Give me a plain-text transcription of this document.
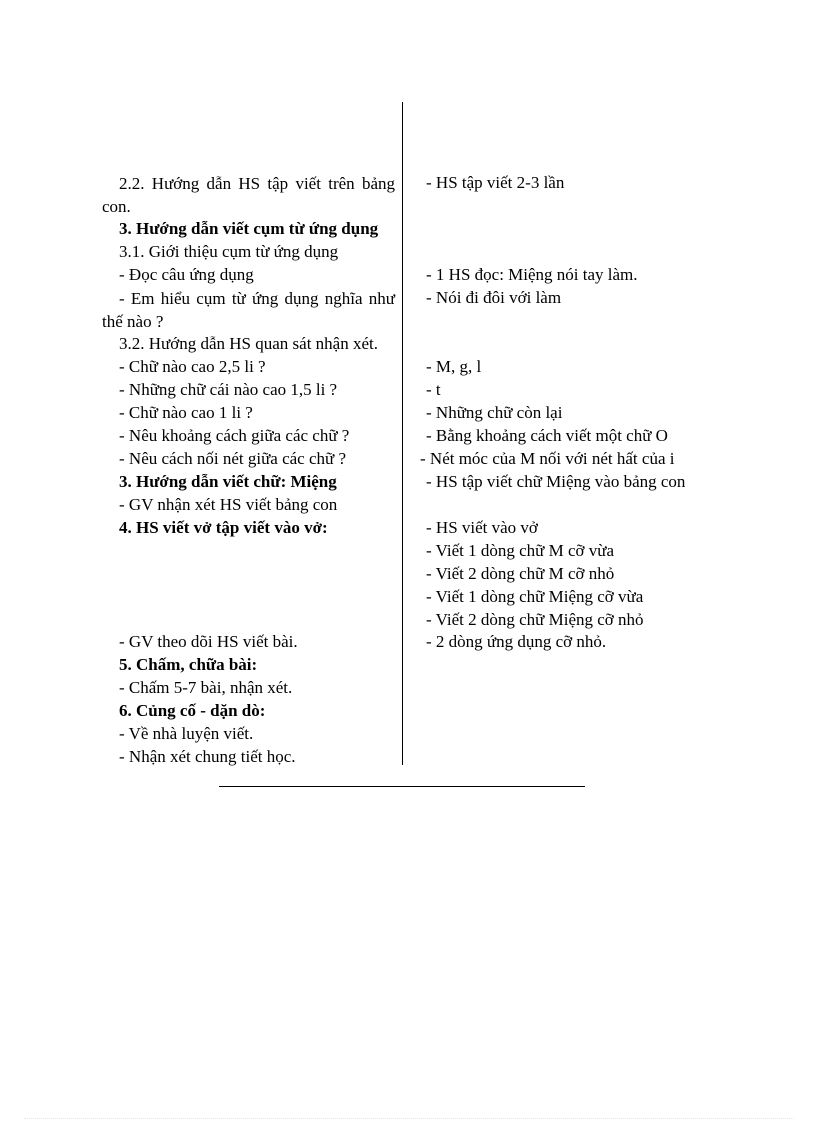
2.2. Hướng dẫn HS tập viết trên bảng con.
3. Hướng dẫn viết cụm từ ứng dụng
3.1. Giới thiệu cụm từ ứng dụng
- Đọc câu ứng dụng
- Em hiểu cụm từ ứng dụng nghĩa như thế nào ?
3.2. Hướng dẫn HS quan sát nhận xét.
- Chữ nào cao 2,5 li ?
- Những chữ cái nào cao 1,5 li ?
- Chữ nào cao 1 li ?
- Nêu khoảng cách giữa các chữ ?
- Nêu cách nối nét giữa các chữ ?
3. Hướng dẫn viết chữ: Miệng
- GV nhận xét HS viết bảng con
4. HS viết vở tập viết vào vở:
- GV theo dõi HS viết bài.
5. Chấm, chữa bài:
- Chấm 5-7 bài, nhận xét.
6. Củng cố - dặn dò:
- Về nhà luyện viết.
- Nhận xét chung tiết học.
- HS tập viết 2-3 lần
- 1 HS đọc: Miệng nói tay làm.
- Nói đi đôi với làm
- M, g, l
- t
- Những chữ còn lại
- Bằng khoảng cách viết một chữ O
- Nét móc của M nối với nét hất của i
- HS tập viết chữ Miệng vào bảng con
- HS viết vào vở
- Viết 1 dòng chữ M cỡ vừa
- Viết 2 dòng chữ M cỡ nhỏ
- Viết 1 dòng chữ Miệng cỡ vừa
- Viết 2 dòng chữ Miệng cỡ nhỏ
- 2 dòng ứng dụng cỡ nhỏ.
